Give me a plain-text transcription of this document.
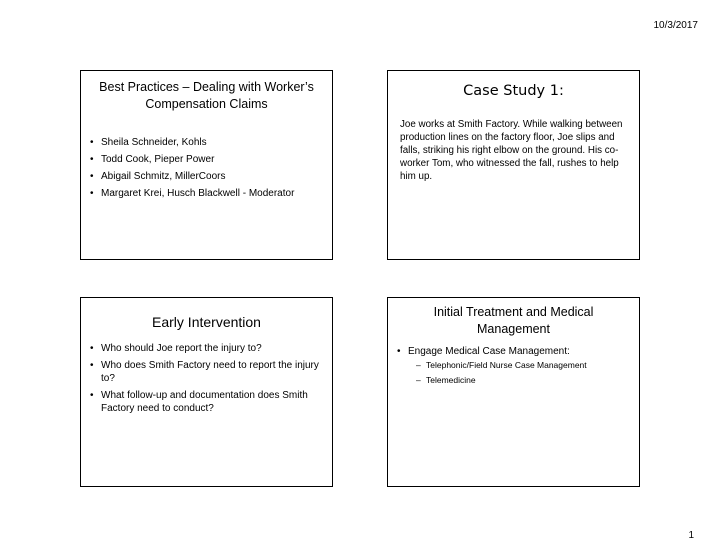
10/3/2017
Best Practices – Dealing with Worker’s Compensation Claims
• Sheila Schneider, Kohls
• Todd Cook, Pieper Power
• Abigail Schmitz, MillerCoors
• Margaret Krei, Husch Blackwell - Moderator
Case Study 1:
Joe works at Smith Factory. While walking between production lines on the factory floor, Joe slips and falls, striking his right elbow on the ground. His co-worker Tom, who witnessed the fall, rushes to help him up.
Early Intervention
• Who should Joe report the injury to?
• Who does Smith Factory need to report the injury to?
• What follow-up and documentation does Smith Factory need to conduct?
Initial Treatment and Medical Management
• Engage Medical Case Management:
– Telephonic/Field Nurse Case Management
– Telemedicine
1
